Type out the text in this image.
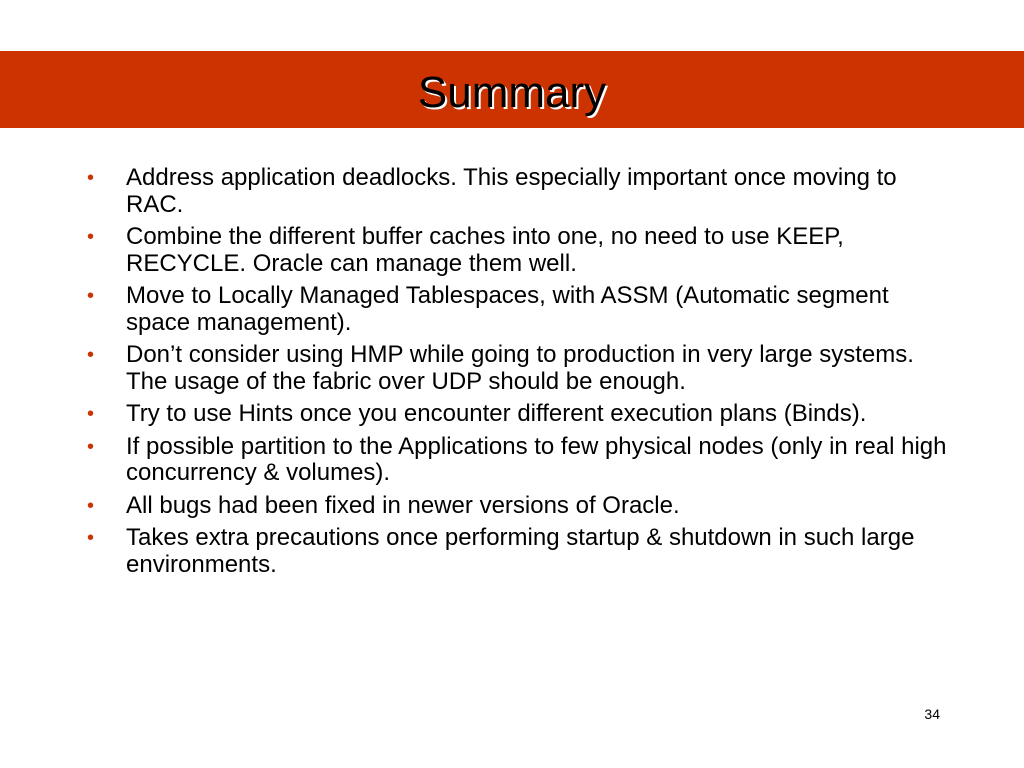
Summary
• Address application deadlocks. This especially important once moving to RAC.
• Combine the different buffer caches into one, no need to use KEEP, RECYCLE. Oracle can manage them well.
• Move to Locally Managed Tablespaces, with ASSM (Automatic segment space management).
• Don’t consider using HMP while going to production in very large systems. The usage of the fabric over UDP should be enough.
• Try to use Hints once you encounter different execution plans (Binds).
• If possible partition to the Applications to few physical nodes (only in real high concurrency & volumes).
• All bugs had been fixed in newer versions of Oracle.
• Takes extra precautions once performing startup & shutdown in such large environments.
34
